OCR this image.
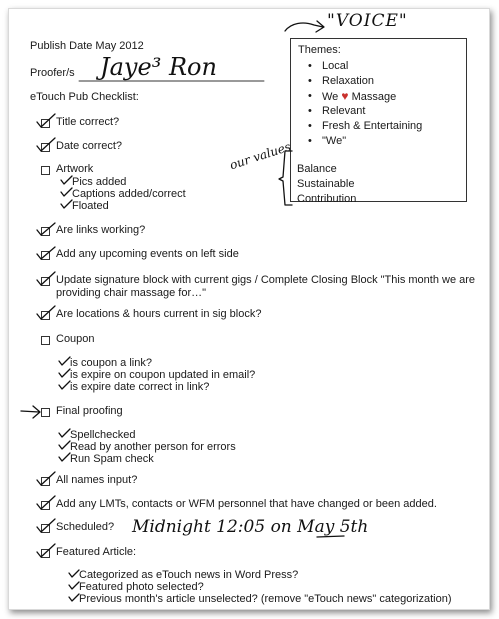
Publish Date May 2012
Proofer/s Jaye³ Ron
eTouch Pub Checklist:
"VOICE"
our values
Midnight 12:05 on May 5th
Themes:
• Local
• Relaxation
• We ♥ Massage
• Relevant
• Fresh & Entertaining
• "We"
Balance
Sustainable
Contribution
Title correct?
Date correct?
Artwork
Pics added
Captions added/correct
Floated
Are links working?
Add any upcoming events on left side
Update signature block with current gigs / Complete Closing Block "This month we are
providing chair massage for…"
Are locations & hours current in sig block?
Coupon
is coupon a link?
is expire on coupon updated in email?
is expire date correct in link?
Final proofing
Spellchecked
Read by another person for errors
Run Spam check
All names input?
Add any LMTs, contacts or WFM personnel that have changed or been added.
Scheduled?
Featured Article:
Categorized as eTouch news in Word Press?
Featured photo selected?
Previous month's article unselected? (remove "eTouch news" categorization)
